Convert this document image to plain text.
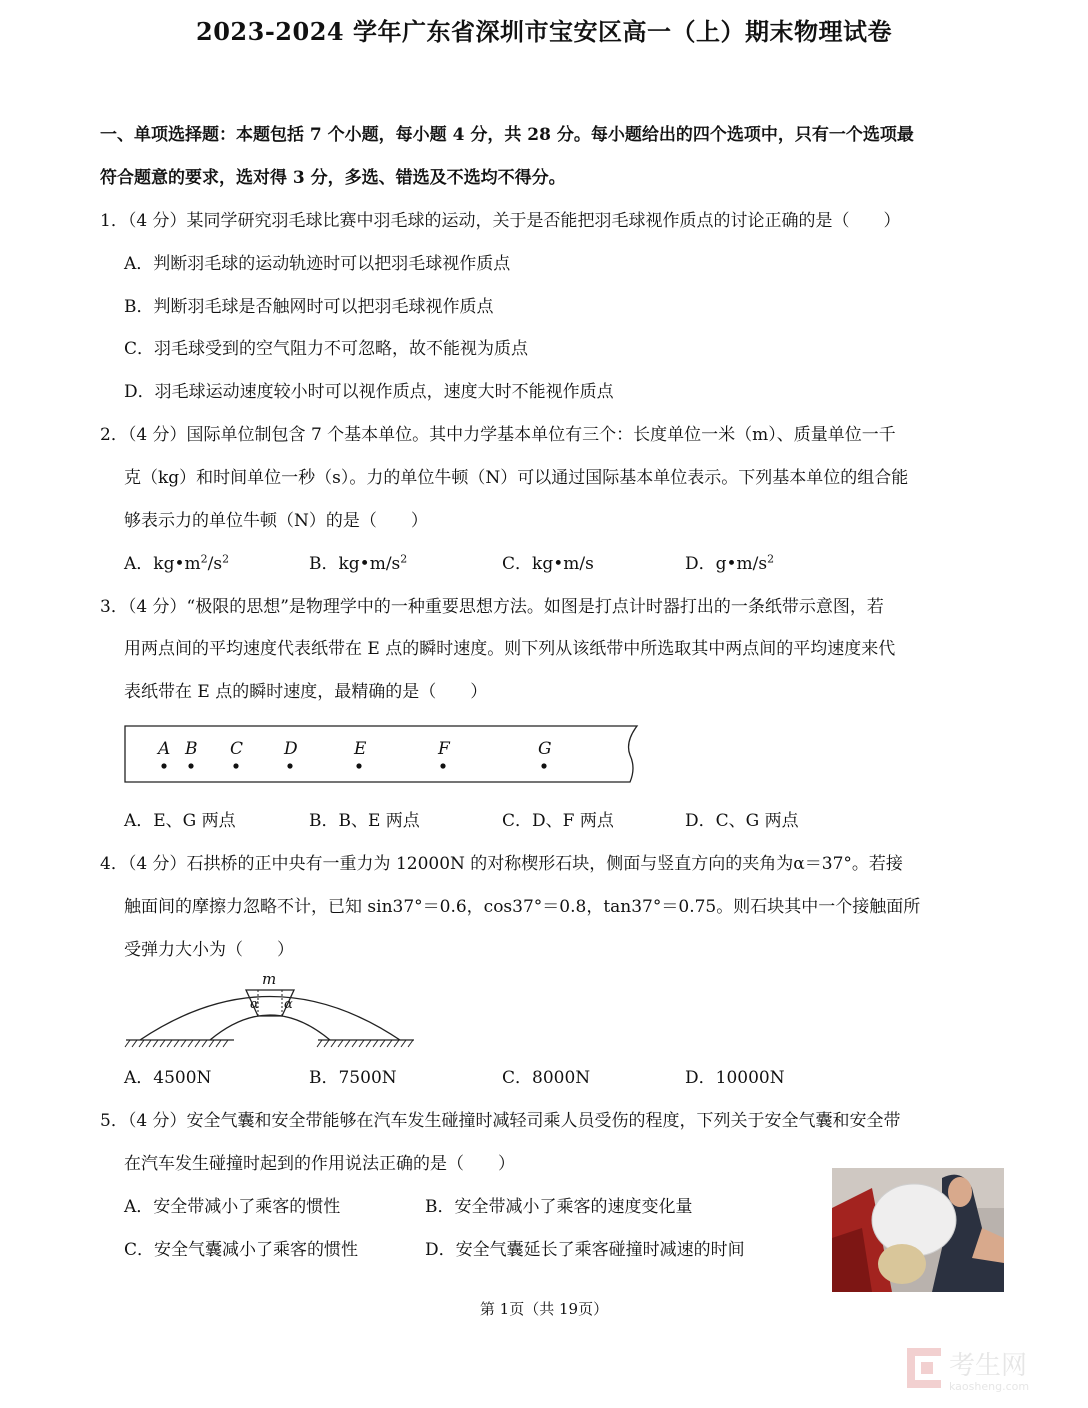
2023-2024 学年广东省深圳市宝安区高一（上）期末物理试卷
一、单项选择题：本题包括 7 个小题，每小题 4 分，共 28 分。每小题给出的四个选项中，只有一个选项最
符合题意的要求，选对得 3 分，多选、错选及不选均不得分。
1．（4 分）某同学研究羽毛球比赛中羽毛球的运动，关于是否能把羽毛球视作质点的讨论正确的是（　　）
A．判断羽毛球的运动轨迹时可以把羽毛球视作质点
B．判断羽毛球是否触网时可以把羽毛球视作质点
C．羽毛球受到的空气阻力不可忽略，故不能视为质点
D．羽毛球运动速度较小时可以视作质点，速度大时不能视作质点
2．（4 分）国际单位制包含 7 个基本单位。其中力学基本单位有三个：长度单位一米（m）、质量单位一千
克（kg）和时间单位一秒（s）。力的单位牛顿（N）可以通过国际基本单位表示。下列基本单位的组合能
够表示力的单位牛顿（N）的是（　　）
A．$kg•m^2/s^2$	B．$kg•m/s^2$	C．kg•m/s	D．$g•m/s^2$
3．（4 分）“极限的思想”是物理学中的一种重要思想方法。如图是打点计时器打出的一条纸带示意图，若
用两点间的平均速度代表纸带在 E 点的瞬时速度。则下列从该纸带中所选取其中两点间的平均速度来代
表纸带在 E 点的瞬时速度，最精确的是（　　）
A B C D	E	F	G
A．E、G 两点	B．B、E 两点	C．D、F 两点	D．C、G 两点
4．（4 分）石拱桥的正中央有一重力为 12000N 的对称楔形石块，侧面与竖直方向的夹角为α＝37°。若接
触面间的摩擦力忽略不计，已知 sin37°＝0.6，cos37°＝0.8，tan37°＝0.75。则石块其中一个接触面所
受弹力大小为（　　）
m
α α
A．4500N	B．7500N	C．8000N	D．10000N
5．（4 分）安全气囊和安全带能够在汽车发生碰撞时减轻司乘人员受伤的程度，下列关于安全气囊和安全带
在汽车发生碰撞时起到的作用说法正确的是（　　）
A．安全带减小了乘客的惯性	B．安全带减小了乘客的速度变化量
C．安全气囊减小了乘客的惯性	D．安全气囊延长了乘客碰撞时减速的时间
第 1页（共 19页）
考生网
kaosheng.com
